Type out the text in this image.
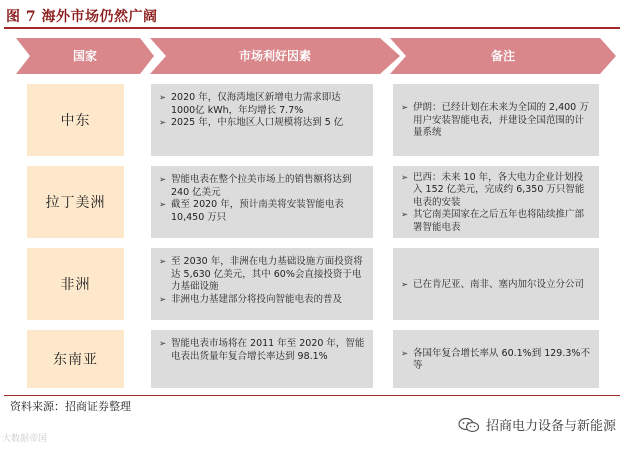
图 7 海外市场仍然广阔
国家	市场利好因素	备注
中东
➢ 2020 年，仅海湾地区新增电力需求即达 1000亿 kWh，年均增长 7.7%
➢ 2025 年，中东地区人口规模将达到 5 亿
➢ 伊朗：已经计划在未来为全国的 2,400 万用户安装智能电表，并建设全国范围的计量系统
拉丁美洲
➢ 智能电表在整个拉美市场上的销售额将达到 240 亿美元
➢ 截至 2020 年，预计南美将安装智能电表 10,450 万只
➢ 巴西：未来 10 年，各大电力企业计划投入 152 亿美元，完成约 6,350 万只智能电表的安装
➢ 其它南美国家在之后五年也将陆续推广部署智能电表
非洲
➢ 至 2030 年，非洲在电力基础设施方面投资将达 5,630 亿美元，其中 60%会直接投资于电力基础设施
➢ 非洲电力基建部分将投向智能电表的普及
➢ 已在肯尼亚、南非、塞内加尔设立分公司
东南亚
➢ 智能电表市场将在 2011 年至 2020 年，智能电表出货量年复合增长率达到 98.1%
➢	各国年复合增长率从 60.1%到 129.3%不等
资料来源：招商证券整理
大数据帝国
招商电力设备与新能源
